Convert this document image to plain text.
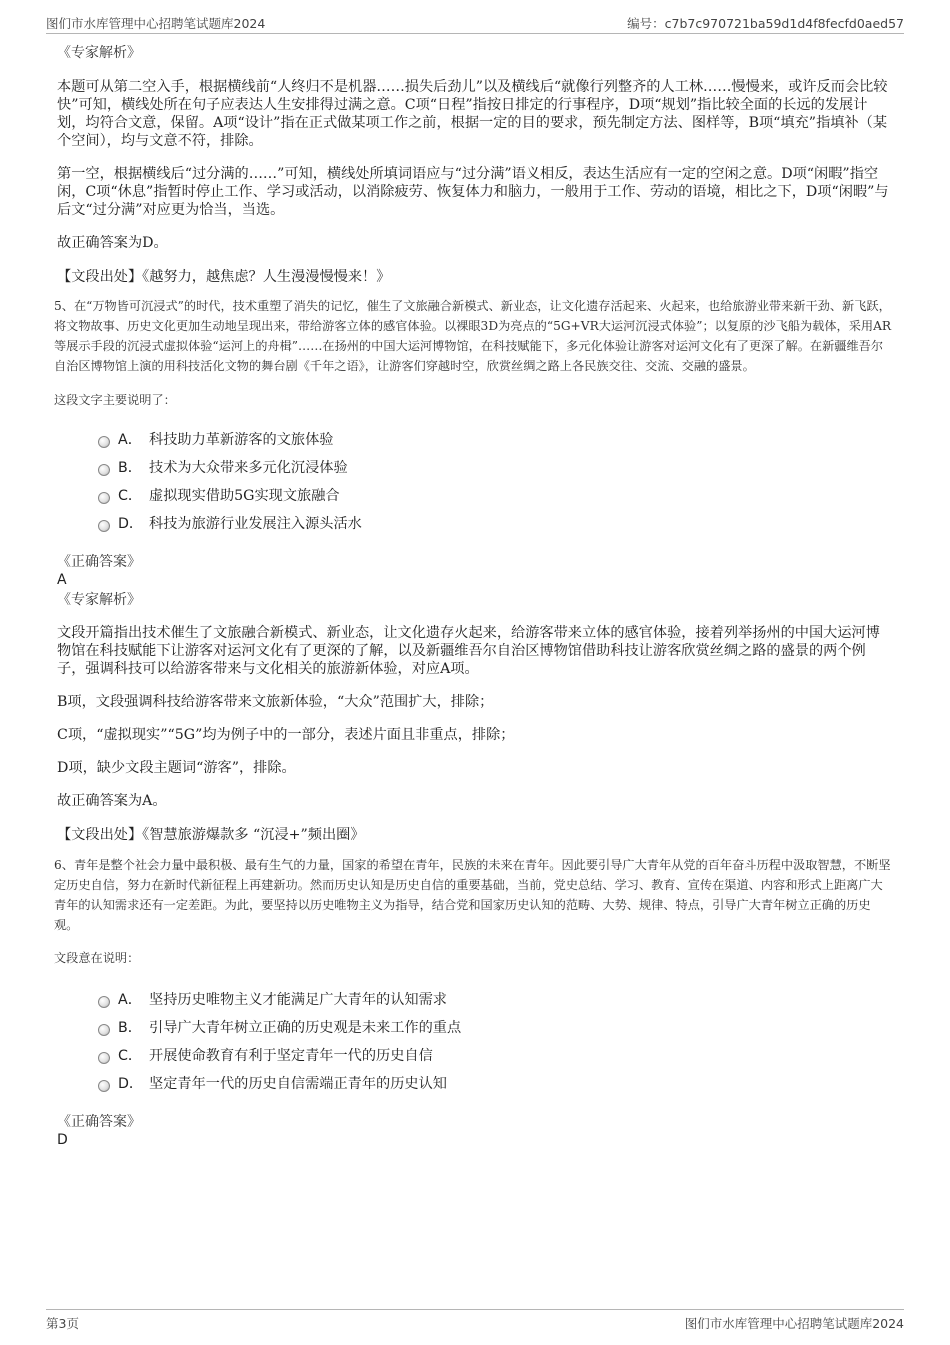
图们市水库管理中心招聘笔试题库2024	编号：c7b7c970721ba59d1d4f8fecfd0aed57
《专家解析》
本题可从第二空入手，根据横线前“人终归不是机器……损失后劲儿”以及横线后“就像行列整齐的人工林……慢慢来，或许反而会比较快”可知，横线处所在句子应表达人生安排得过满之意。C项“日程”指按日排定的行事程序，D项“规划”指比较全面的长远的发展计划，均符合文意，保留。A项“设计”指在正式做某项工作之前，根据一定的目的要求，预先制定方法、图样等，B项“填充”指填补（某个空间），均与文意不符，排除。
第一空，根据横线后“过分满的……”可知，横线处所填词语应与“过分满”语义相反，表达生活应有一定的空闲之意。D项“闲暇”指空闲，C项“休息”指暂时停止工作、学习或活动，以消除疲劳、恢复体力和脑力，一般用于工作、劳动的语境，相比之下，D项“闲暇”与后文“过分满”对应更为恰当，当选。
故正确答案为D。
【文段出处】《越努力，越焦虑？人生漫漫慢慢来！》
5、在“万物皆可沉浸式”的时代，技术重塑了消失的记忆，催生了文旅融合新模式、新业态，让文化遗存活起来、火起来，也给旅游业带来新干劲、新飞跃，将文物故事、历史文化更加生动地呈现出来，带给游客立体的感官体验。以裸眼3D为亮点的“5G+VR大运河沉浸式体验”；以复原的沙飞船为载体，采用AR等展示手段的沉浸式虚拟体验“运河上的舟楫”……在扬州的中国大运河博物馆，在科技赋能下，多元化体验让游客对运河文化有了更深了解。在新疆维吾尔自治区博物馆上演的用科技活化文物的舞台剧《千年之语》，让游客们穿越时空，欣赏丝绸之路上各民族交往、交流、交融的盛景。
这段文字主要说明了：
A． 科技助力革新游客的文旅体验
B． 技术为大众带来多元化沉浸体验
C． 虚拟现实借助5G实现文旅融合
D． 科技为旅游行业发展注入源头活水
《正确答案》
A
《专家解析》
文段开篇指出技术催生了文旅融合新模式、新业态，让文化遗存火起来，给游客带来立体的感官体验，接着列举扬州的中国大运河博物馆在科技赋能下让游客对运河文化有了更深的了解，以及新疆维吾尔自治区博物馆借助科技让游客欣赏丝绸之路的盛景的两个例子，强调科技可以给游客带来与文化相关的旅游新体验，对应A项。
B项，文段强调科技给游客带来文旅新体验，“大众”范围扩大，排除；
C项，“虚拟现实”“5G”均为例子中的一部分，表述片面且非重点，排除；
D项，缺少文段主题词“游客”，排除。
故正确答案为A。
【文段出处】《智慧旅游爆款多 “沉浸+”频出圈》
6、青年是整个社会力量中最积极、最有生气的力量，国家的希望在青年，民族的未来在青年。因此要引导广大青年从党的百年奋斗历程中汲取智慧，不断坚定历史自信，努力在新时代新征程上再建新功。然而历史认知是历史自信的重要基础，当前，党史总结、学习、教育、宣传在渠道、内容和形式上距离广大青年的认知需求还有一定差距。为此，要坚持以历史唯物主义为指导，结合党和国家历史认知的范畴、大势、规律、特点，引导广大青年树立正确的历史观。
文段意在说明：
A． 坚持历史唯物主义才能满足广大青年的认知需求
B． 引导广大青年树立正确的历史观是未来工作的重点
C． 开展使命教育有利于坚定青年一代的历史自信
D． 坚定青年一代的历史自信需端正青年的历史认知
《正确答案》
D
第3页	图们市水库管理中心招聘笔试题库2024
